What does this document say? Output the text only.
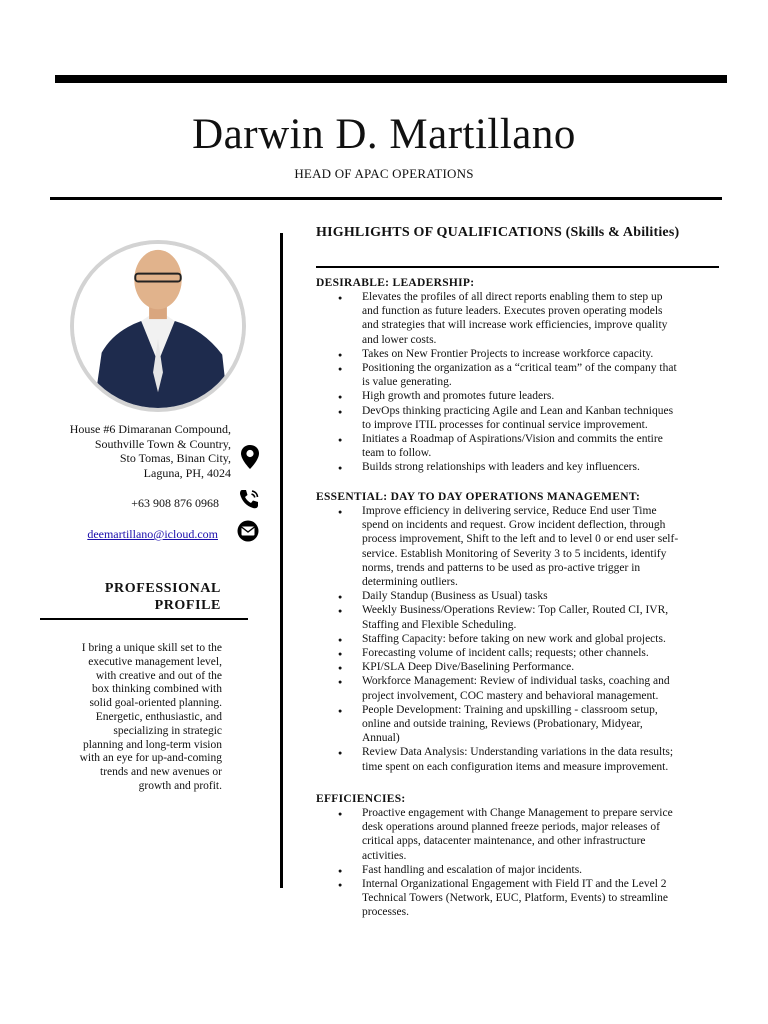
Darwin D. Martillano
HEAD OF APAC OPERATIONS
House #6 Dimaranan Compound,
Southville Town & Country,
Sto Tomas, Binan City,
Laguna, PH, 4024
+63 908 876 0968
deemartillano@icloud.com
PROFESSIONAL
PROFILE
I bring a unique skill set to the
executive management level,
with creative and out of the
box thinking combined with
solid goal-oriented planning.
Energetic, enthusiastic, and
specializing in strategic
planning and long-term vision
with an eye for up-and-coming
trends and new avenues or
growth and profit.
HIGHLIGHTS OF QUALIFICATIONS (Skills & Abilities)
DESIRABLE: LEADERSHIP:
● Elevates the profiles of all direct reports enabling them to step up
and function as future leaders. Executes proven operating models
and strategies that will increase work efficiencies, improve quality
and lower costs.
● Takes on New Frontier Projects to increase workforce capacity.
● Positioning the organization as a “critical team” of the company that
is value generating.
● High growth and promotes future leaders.
● DevOps thinking practicing Agile and Lean and Kanban techniques
to improve ITIL processes for continual service improvement.
● Initiates a Roadmap of Aspirations/Vision and commits the entire
team to follow.
● Builds strong relationships with leaders and key influencers.
ESSENTIAL: DAY TO DAY OPERATIONS MANAGEMENT:
● Improve efficiency in delivering service, Reduce End user Time
spend on incidents and request. Grow incident deflection, through
process improvement, Shift to the left and to level 0 or end user self-
service. Establish Monitoring of Severity 3 to 5 incidents, identify
norms, trends and patterns to be used as pro-active trigger in
determining outliers.
● Daily Standup (Business as Usual) tasks
● Weekly Business/Operations Review: Top Caller, Routed CI, IVR,
Staffing and Flexible Scheduling.
● Staffing Capacity: before taking on new work and global projects.
● Forecasting volume of incident calls; requests; other channels.
● KPI/SLA Deep Dive/Baselining Performance.
● Workforce Management: Review of individual tasks, coaching and
project involvement, COC mastery and behavioral management.
● People Development: Training and upskilling - classroom setup,
online and outside training, Reviews (Probationary, Midyear,
Annual)
● Review Data Analysis: Understanding variations in the data results;
time spent on each configuration items and measure improvement.
EFFICIENCIES:
● Proactive engagement with Change Management to prepare service
desk operations around planned freeze periods, major releases of
critical apps, datacenter maintenance, and other infrastructure
activities.
● Fast handling and escalation of major incidents.
● Internal Organizational Engagement with Field IT and the Level 2
Technical Towers (Network, EUC, Platform, Events) to streamline
processes.
